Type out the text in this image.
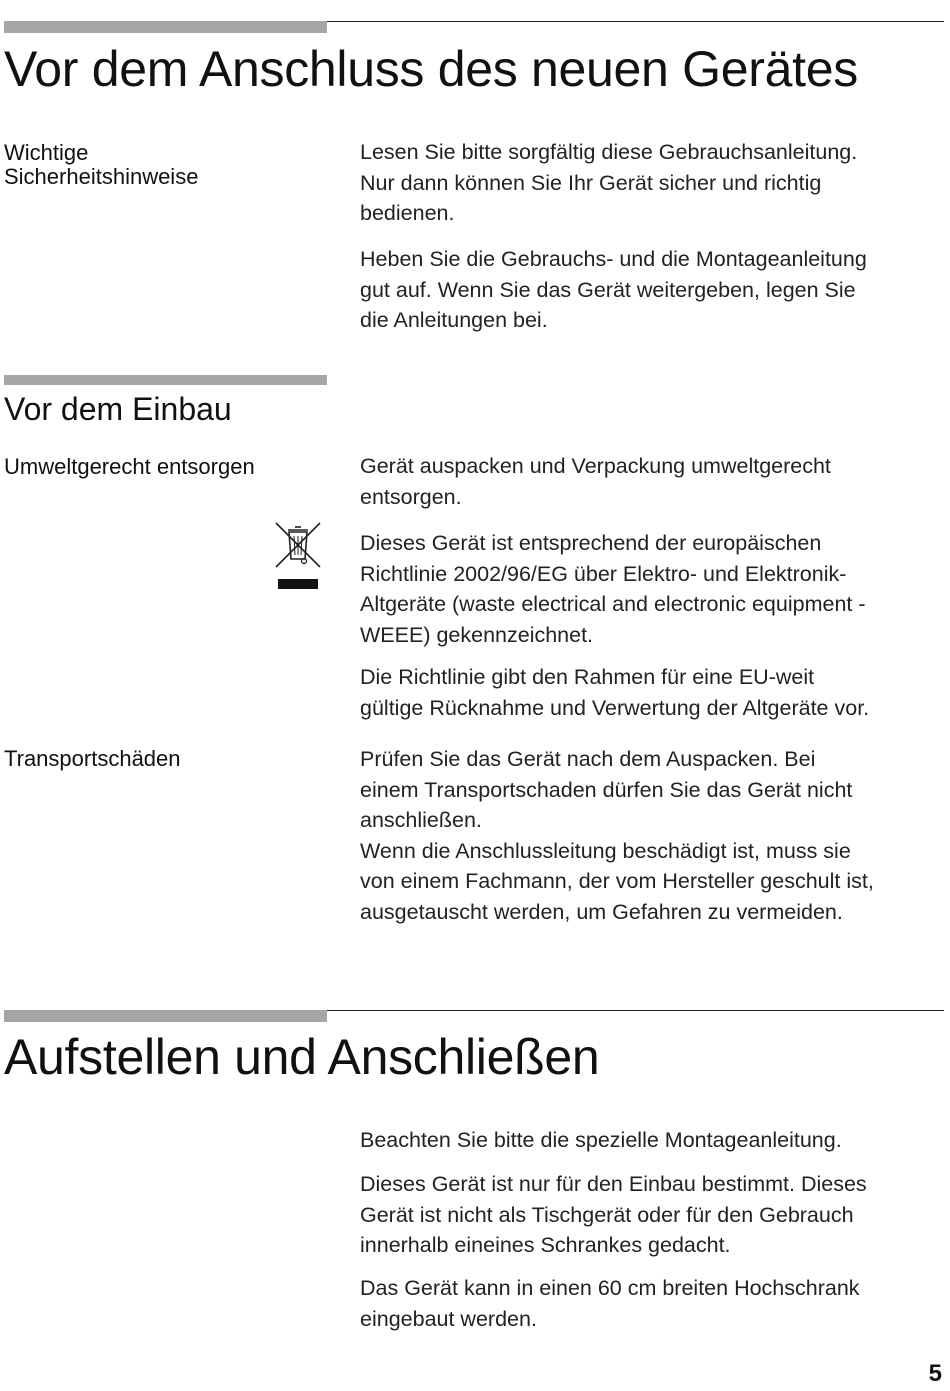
Vor dem Anschluss des neuen Gerätes
Wichtige
Sicherheitshinweise

Lesen Sie bitte sorgfältig diese Gebrauchsanleitung.
Nur dann können Sie Ihr Gerät sicher und richtig
bedienen.

Heben Sie die Gebrauchs- und die Montageanleitung
gut auf. Wenn Sie das Gerät weitergeben, legen Sie
die Anleitungen bei.

Vor dem Einbau
Umweltgerecht entsorgen	Gerät auspacken und Verpackung umweltgerecht
entsorgen.

Dieses Gerät ist entsprechend der europäischen
Richtlinie 2002/96/EG über Elektro- und Elektronik-
Altgeräte (waste electrical and electronic equipment -
WEEE) gekennzeichnet.

Die Richtlinie gibt den Rahmen für eine EU-weit
gültige Rücknahme und Verwertung der Altgeräte vor.

Transportschäden	Prüfen Sie das Gerät nach dem Auspacken. Bei
einem Transportschaden dürfen Sie das Gerät nicht
anschließen.
Wenn die Anschlussleitung beschädigt ist, muss sie
von einem Fachmann, der vom Hersteller geschult ist,
ausgetauscht werden, um Gefahren zu vermeiden.

Aufstellen und Anschließen

Beachten Sie bitte die spezielle Montageanleitung.

Dieses Gerät ist nur für den Einbau bestimmt. Dieses
Gerät ist nicht als Tischgerät oder für den Gebrauch
innerhalb eineines Schrankes gedacht.

Das Gerät kann in einen 60 cm breiten Hochschrank
eingebaut werden.

5
